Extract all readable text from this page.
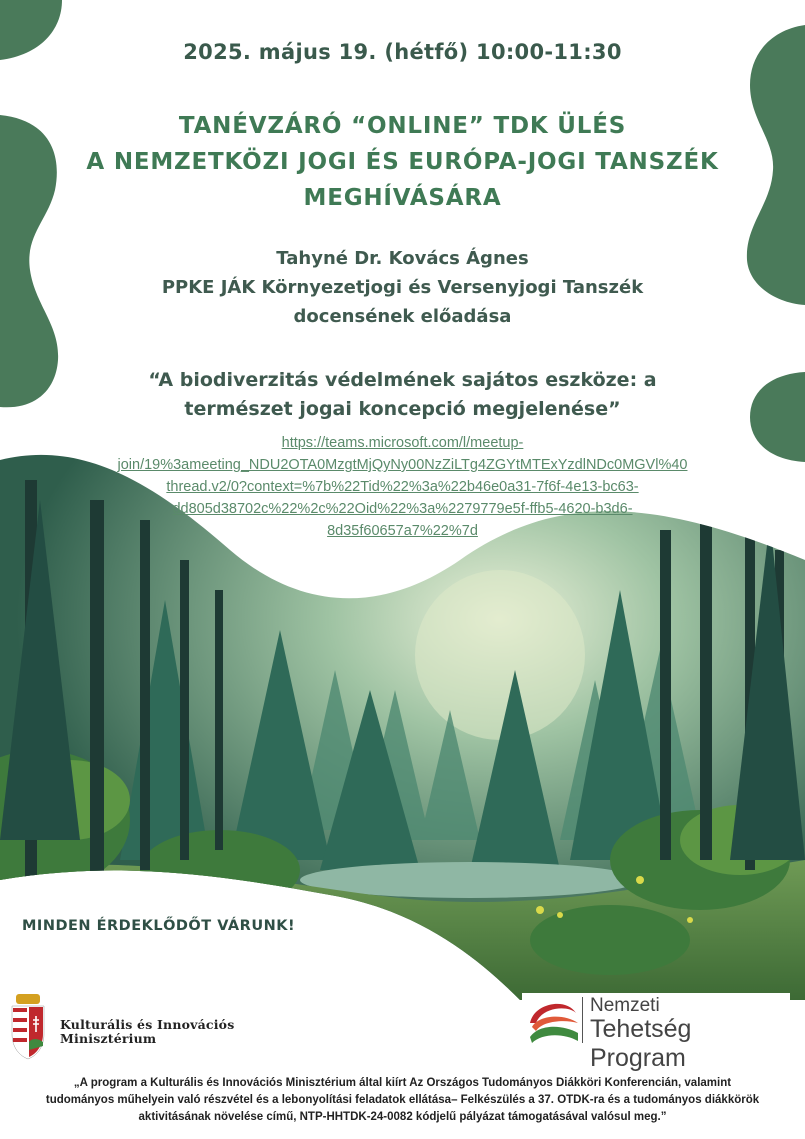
2025. május 19. (hétfő) 10:00-11:30
TANÉVZÁRÓ “ONLINE” TDK ÜLÉS
A NEMZETKÖZI JOGI ÉS EURÓPA-JOGI TANSZÉK
MEGHÍVÁSÁRA
Tahyné Dr. Kovács Ágnes
PPKE JÁK Környezetjogi és Versenyjogi Tanszék
docensének előadása
“A biodiverzitás védelmének sajátos eszköze: a
természet jogai koncepció megjelenése”
https://teams.microsoft.com/l/meetup-
join/19%3ameeting_NDU2OTA0MzgtMjQyNy00NzZiLTg4ZGYtMTExYzdlNDc0MGVl%40
thread.v2/0?context=%7b%22Tid%22%3a%22b46e0a31-7f6f-4e13-bc63-
dd805d38702c%22%2c%22Oid%22%3a%2279779e5f-ffb5-4620-b3d6-
8d35f60657a7%22%7d
MINDEN ÉRDEKLŐDŐT VÁRUNK!
Kulturális és Innovációs
Minisztérium
Nemzeti
Tehetség Program
„A program a Kulturális és Innovációs Minisztérium által kiírt Az Országos Tudományos Diákköri Konferencián, valamint
tudományos műhelyein való részvétel és a lebonyolítási feladatok ellátása– Felkészülés a 37. OTDK-ra és a tudományos diákkörök
aktivitásának növelése című, NTP-HHTDK-24-0082 kódjelű pályázat támogatásával valósul meg.”
